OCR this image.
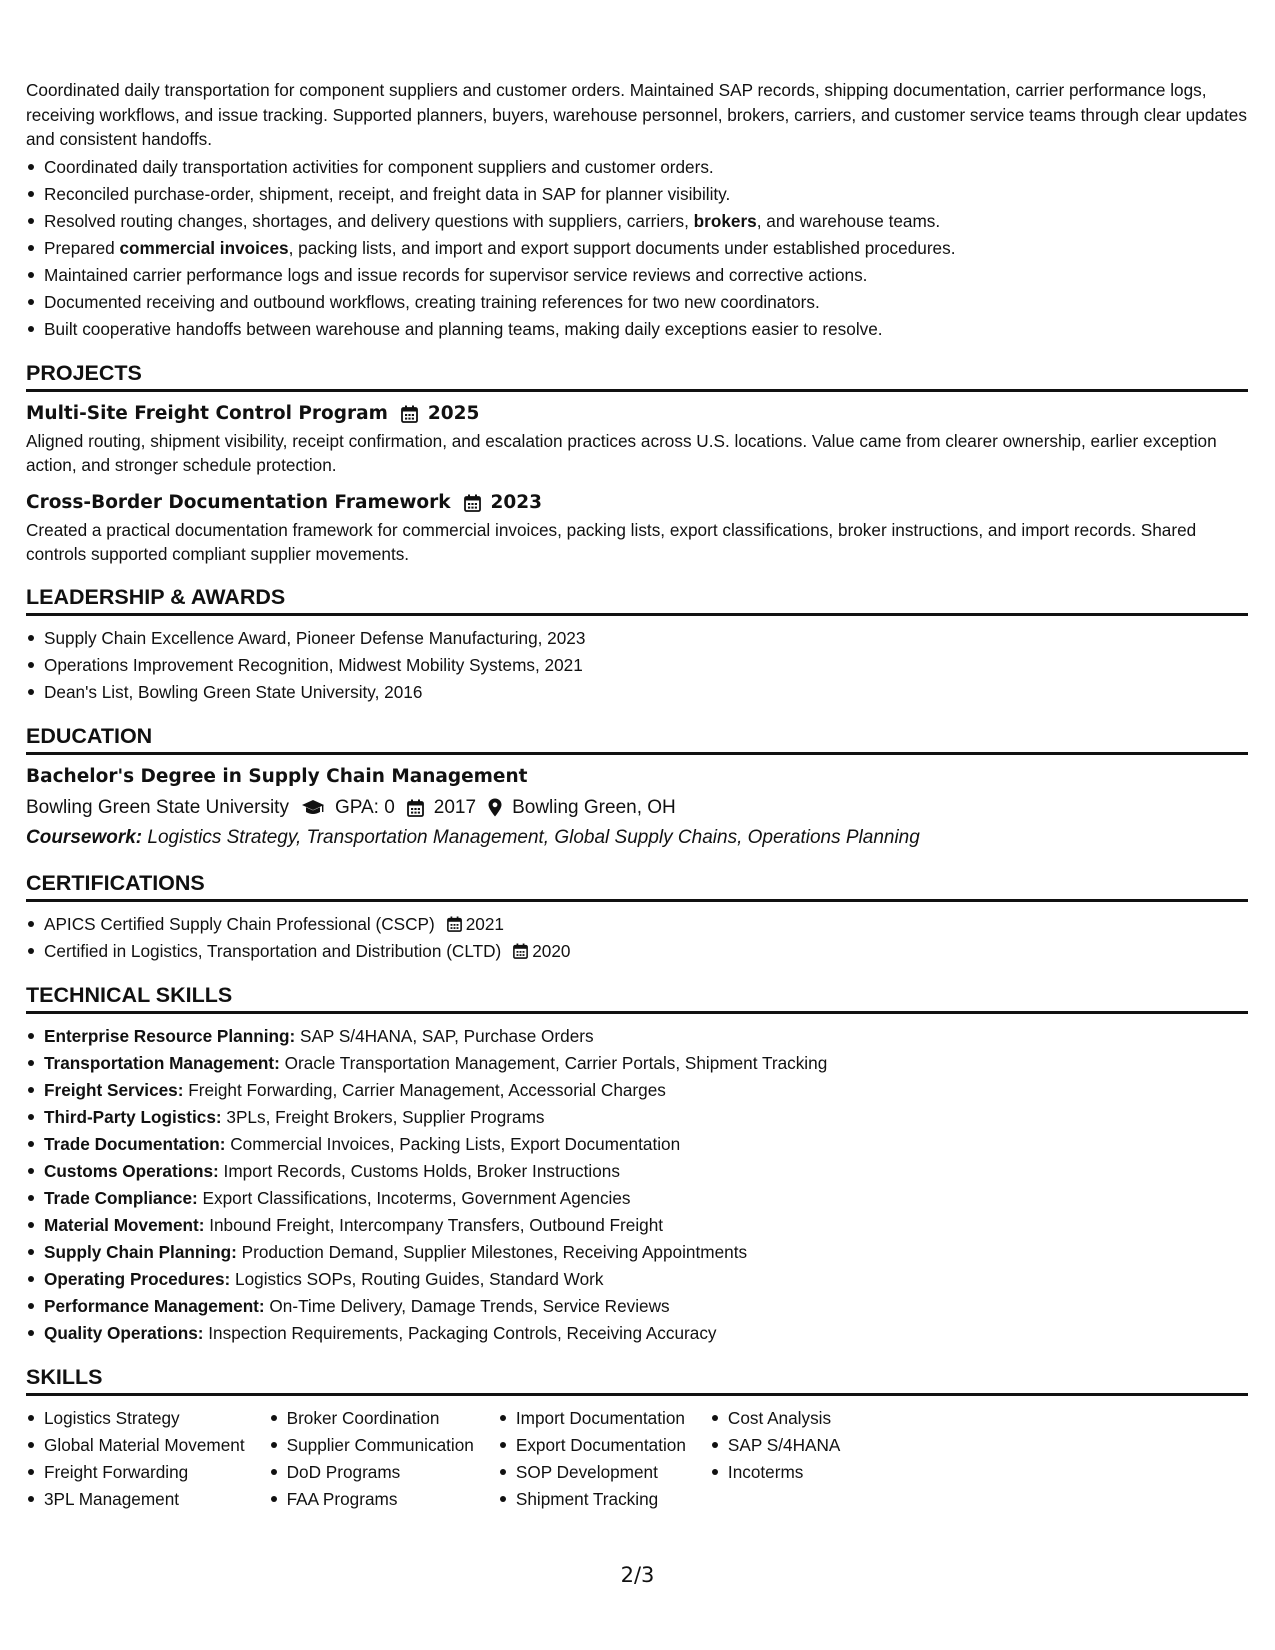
Coordinated daily transportation for component suppliers and customer orders. Maintained SAP records, shipping documentation, carrier performance logs, receiving workflows, and issue tracking. Supported planners, buyers, warehouse personnel, brokers, carriers, and customer service teams through clear updates and consistent handoffs.

Coordinated daily transportation activities for component suppliers and customer orders.
Reconciled purchase-order, shipment, receipt, and freight data in SAP for planner visibility.
Resolved routing changes, shortages, and delivery questions with suppliers, carriers, brokers, and warehouse teams.
Prepared commercial invoices, packing lists, and import and export support documents under established procedures.
Maintained carrier performance logs and issue records for supervisor service reviews and corrective actions.
Documented receiving and outbound workflows, creating training references for two new coordinators.
Built cooperative handoffs between warehouse and planning teams, making daily exceptions easier to resolve.
PROJECTS
Multi-Site Freight Control Program 2025

Aligned routing, shipment visibility, receipt confirmation, and escalation practices across U.S. locations. Value came from clearer ownership, earlier exception action, and stronger schedule protection.

Cross-Border Documentation Framework 2023

Created a practical documentation framework for commercial invoices, packing lists, export classifications, broker instructions, and import records. Shared controls supported compliant supplier movements.

LEADERSHIP & AWARDS
Supply Chain Excellence Award, Pioneer Defense Manufacturing, 2023
Operations Improvement Recognition, Midwest Mobility Systems, 2021
Dean's List, Bowling Green State University, 2016
EDUCATION
Bachelor's Degree in Supply Chain Management
Bowling Green State University GPA: 0 2017 Bowling Green, OH
Coursework: Logistics Strategy, Transportation Management, Global Supply Chains, Operations Planning
CERTIFICATIONS
APICS Certified Supply Chain Professional (CSCP) 2021
Certified in Logistics, Transportation and Distribution (CLTD) 2020
TECHNICAL SKILLS
Enterprise Resource Planning: SAP S/4HANA, SAP, Purchase Orders
Transportation Management: Oracle Transportation Management, Carrier Portals, Shipment Tracking
Freight Services: Freight Forwarding, Carrier Management, Accessorial Charges
Third-Party Logistics: 3PLs, Freight Brokers, Supplier Programs
Trade Documentation: Commercial Invoices, Packing Lists, Export Documentation
Customs Operations: Import Records, Customs Holds, Broker Instructions
Trade Compliance: Export Classifications, Incoterms, Government Agencies
Material Movement: Inbound Freight, Intercompany Transfers, Outbound Freight
Supply Chain Planning: Production Demand, Supplier Milestones, Receiving Appointments
Operating Procedures: Logistics SOPs, Routing Guides, Standard Work
Performance Management: On-Time Delivery, Damage Trends, Service Reviews
Quality Operations: Inspection Requirements, Packaging Controls, Receiving Accuracy
SKILLS
Logistics Strategy
Global Material Movement
Freight Forwarding
3PL Management
Broker Coordination
Supplier Communication
DoD Programs
FAA Programs
Import Documentation
Export Documentation
SOP Development
Shipment Tracking
Cost Analysis
SAP S/4HANA
Incoterms
2/3
